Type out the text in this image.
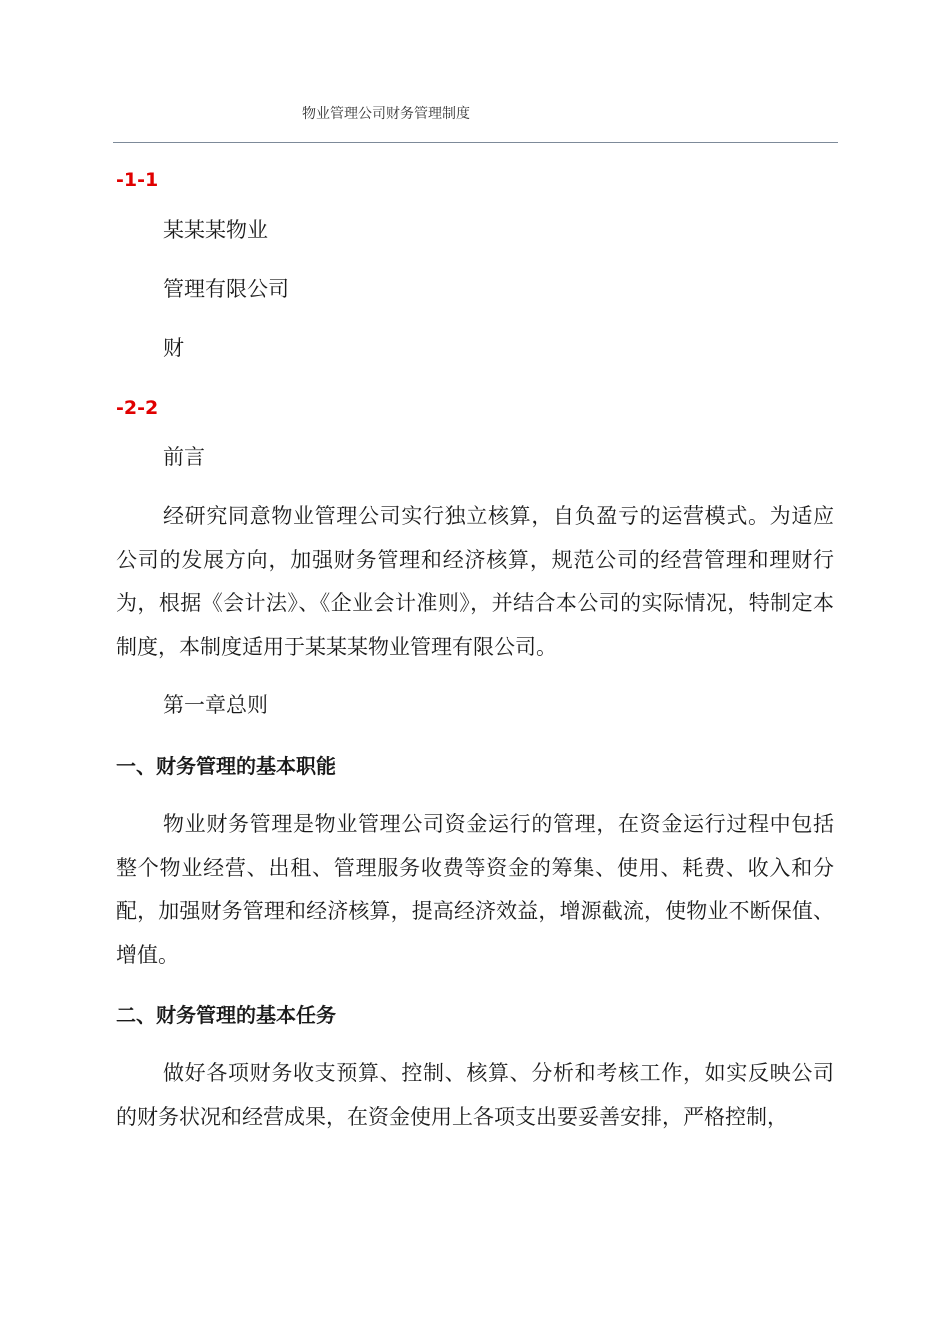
物业管理公司财务管理制度
-1-1
某某某物业
管理有限公司
财
-2-2
前言

经研究同意物业管理公司实行独立核算，自负盈亏的运营模式。为适应公司的发展方向，加强财务管理和经济核算，规范公司的经营管理和理财行为，根据《会计法》、《企业会计准则》，并结合本公司的实际情况，特制定本制度，本制度适用于某某某物业管理有限公司。

第一章总则
一、财务管理的基本职能

物业财务管理是物业管理公司资金运行的管理，在资金运行过程中包括整个物业经营、出租、管理服务收费等资金的筹集、使用、耗费、收入和分配，加强财务管理和经济核算，提高经济效益，增源截流，使物业不断保值、增值。

二、财务管理的基本任务

做好各项财务收支预算、控制、核算、分析和考核工作，如实反映公司的财务状况和经营成果，在资金使用上各项支出要妥善安排，严格控制，
